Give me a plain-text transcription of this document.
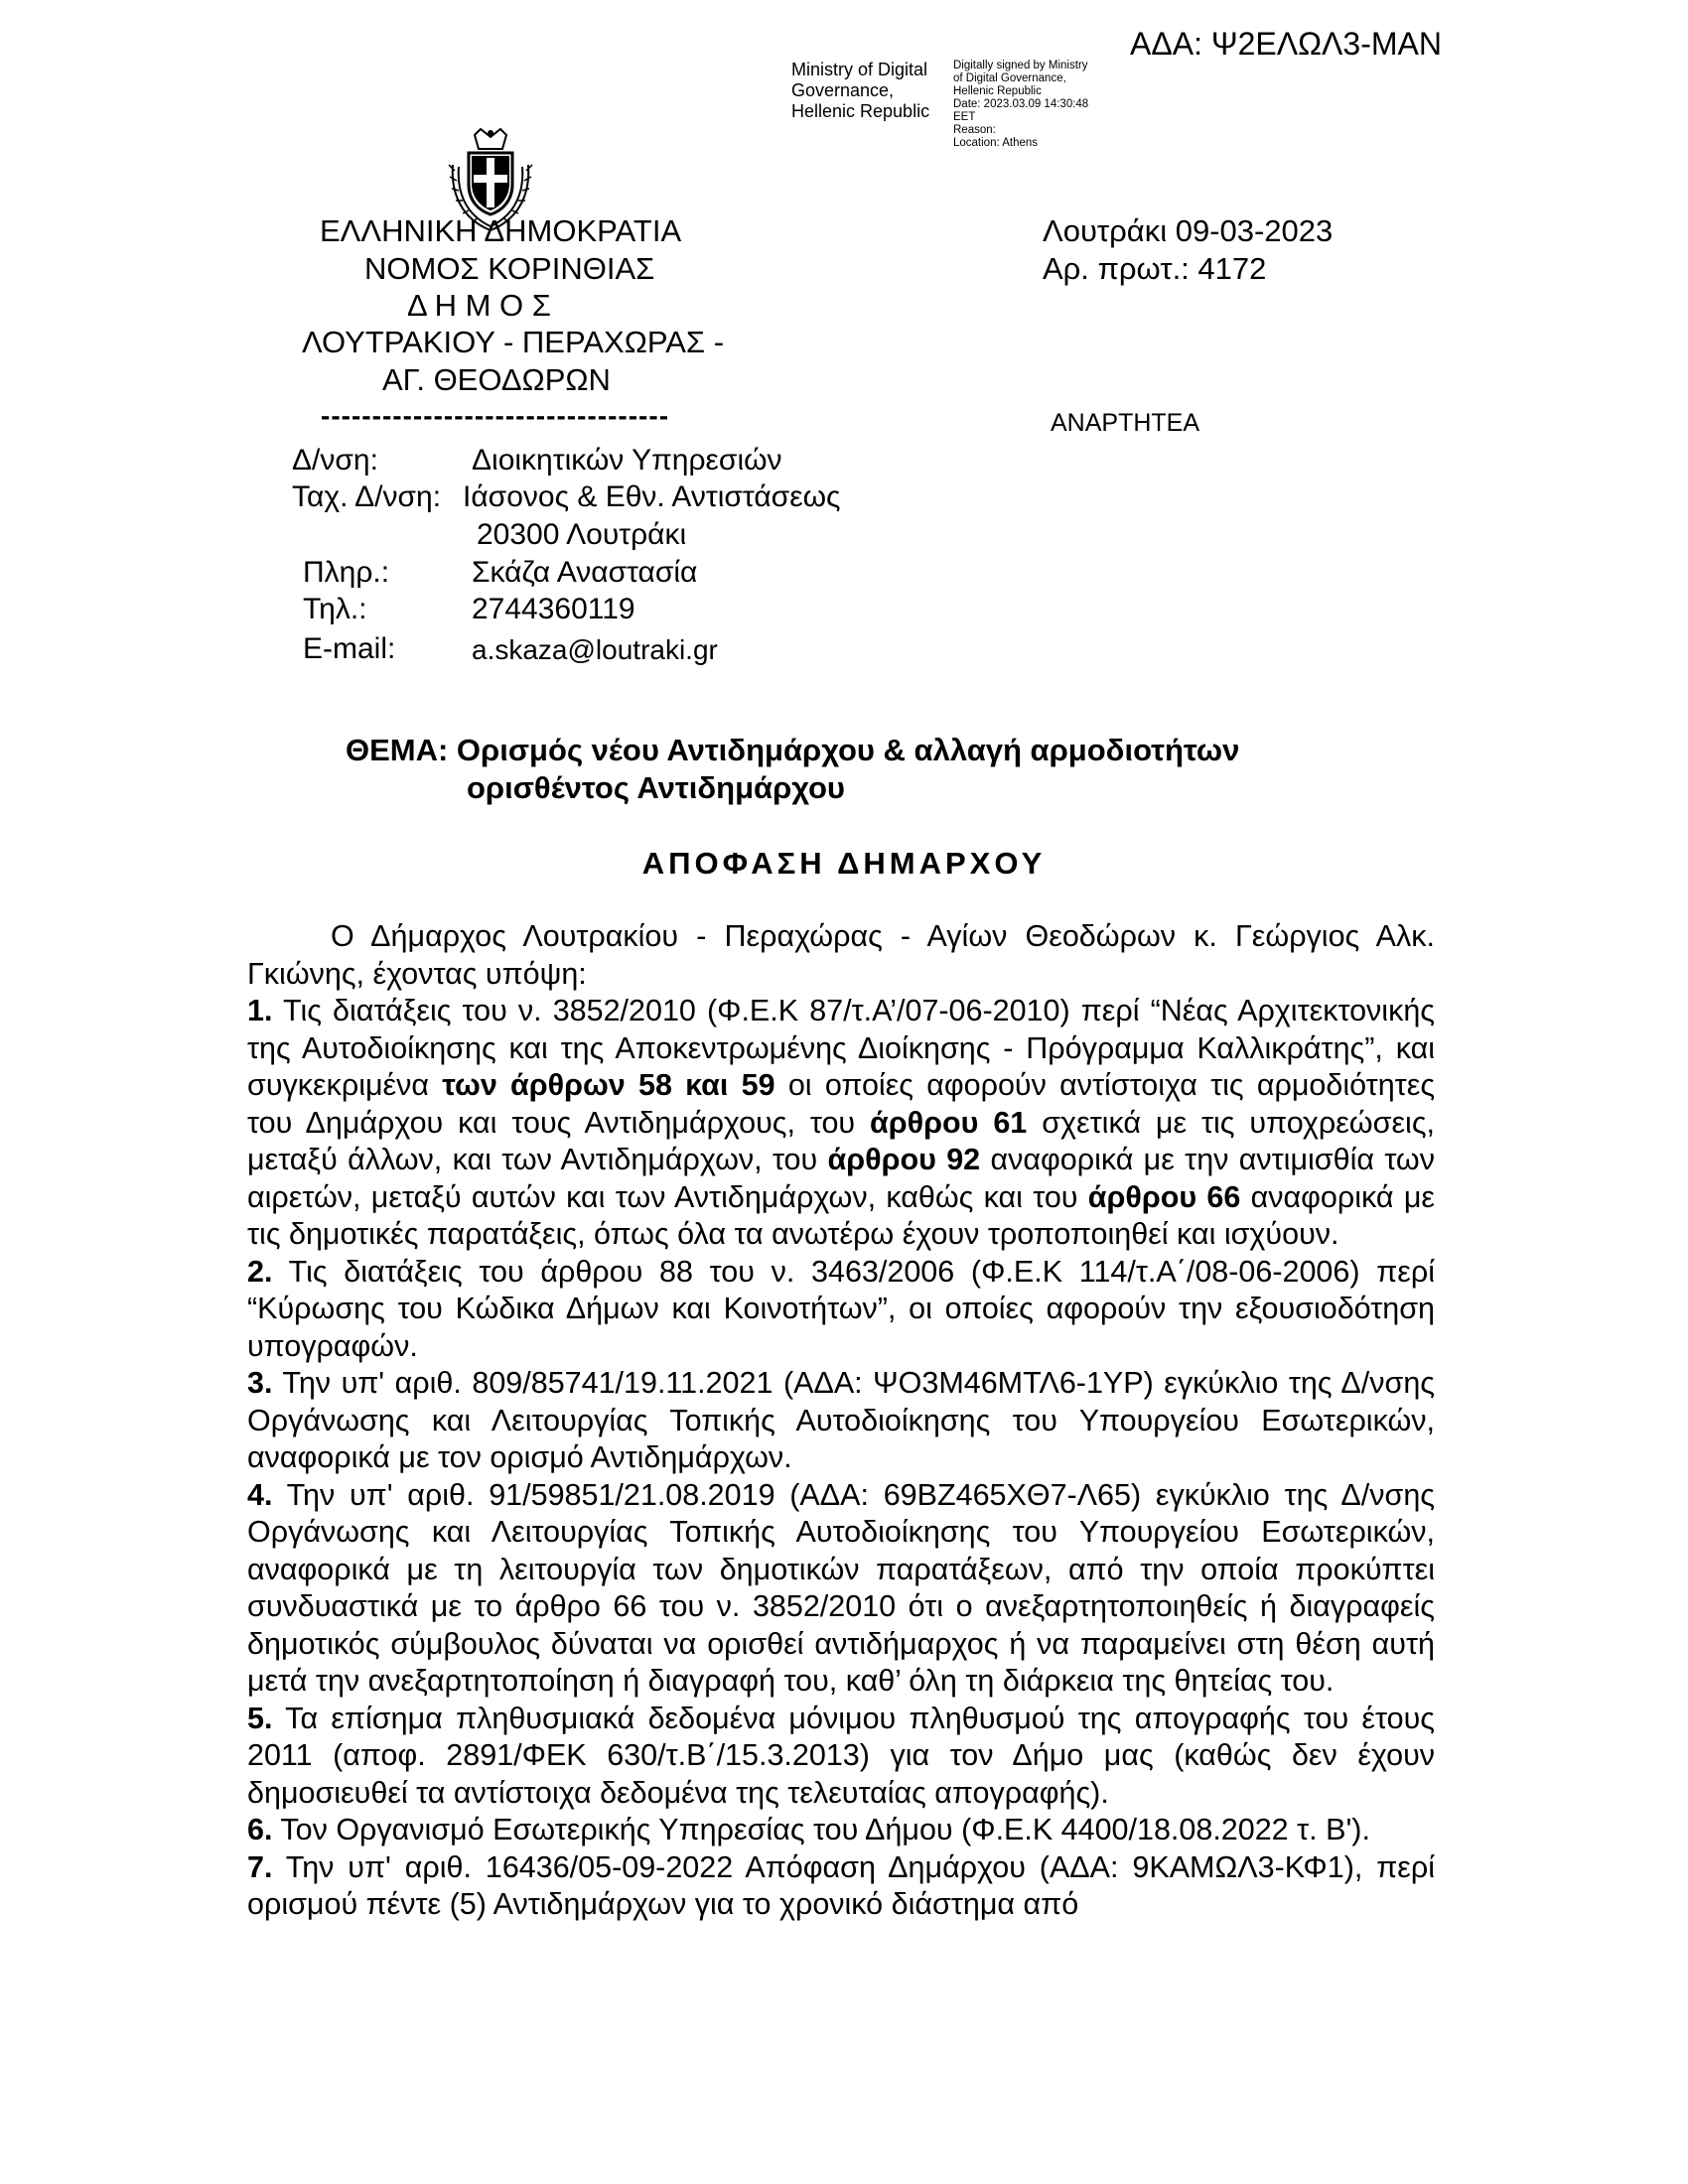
ΑΔΑ: Ψ2ΕΛΩΛ3-ΜΑΝ
Ministry of Digital
Governance,
Hellenic Republic
Digitally signed by Ministry
of Digital Governance,
Hellenic Republic
Date: 2023.03.09 14:30:48
EET
Reason:
Location: Athens
ΕΛΛΗΝΙΚΗ ΔΗΜΟΚΡΑΤΙΑ
ΝΟΜΟΣ ΚΟΡΙΝΘΙΑΣ
Δ Η Μ Ο Σ
ΛΟΥΤΡΑΚΙΟΥ - ΠΕΡΑΧΩΡΑΣ -
ΑΓ. ΘΕΟΔΩΡΩΝ
----------------------------------
Λουτράκι 09-03-2023
Αρ. πρωτ.: 4172
ΑΝΑΡΤΗΤΕΑ
Δ/νση:	Διοικητικών Υπηρεσιών
Ταχ. Δ/νση: Ιάσονος & Εθν. Αντιστάσεως
20300 Λουτράκι
Πληρ.:	Σκάζα Αναστασία
Τηλ.:	2744360119
E-mail:	a.skaza@loutraki.gr
ΘΕΜΑ: Ορισμός νέου Αντιδημάρχου & αλλαγή αρμοδιοτήτων
ορισθέντος Αντιδημάρχου
ΑΠΟΦΑΣΗ ΔΗΜΑΡΧΟΥ

Ο Δήμαρχος Λουτρακίου - Περαχώρας - Αγίων Θεοδώρων κ. Γεώργιος Αλκ. Γκιώνης, έχοντας υπόψη:

1. Τις διατάξεις του ν. 3852/2010 (Φ.Ε.Κ 87/τ.Α’/07-06-2010) περί “Νέας Αρχιτεκτονικής της Αυτοδιοίκησης και της Αποκεντρωμένης Διοίκησης - Πρόγραμμα Καλλικράτης”, και συγκεκριμένα των άρθρων 58 και 59 οι οποίες αφορούν αντίστοιχα τις αρμοδιότητες του Δημάρχου και τους Αντιδημάρχους, του άρθρου 61 σχετικά με τις υποχρεώσεις, μεταξύ άλλων, και των Αντιδημάρχων, του άρθρου 92 αναφορικά με την αντιμισθία των αιρετών, μεταξύ αυτών και των Αντιδημάρχων, καθώς και του άρθρου 66 αναφορικά με τις δημοτικές παρατάξεις, όπως όλα τα ανωτέρω έχουν τροποποιηθεί και ισχύουν.

2. Τις διατάξεις του άρθρου 88 του ν. 3463/2006 (Φ.Ε.Κ 114/τ.Α΄/08-06-2006) περί “Κύρωσης του Κώδικα Δήμων και Κοινοτήτων”, οι οποίες αφορούν την εξουσιοδότηση υπογραφών.

3. Την υπ' αριθ. 809/85741/19.11.2021 (ΑΔΑ: ΨΟ3Μ46ΜΤΛ6-1ΥΡ) εγκύκλιο της Δ/νσης Οργάνωσης και Λειτουργίας Τοπικής Αυτοδιοίκησης του Υπουργείου Εσωτερικών, αναφορικά με τον ορισμό Αντιδημάρχων.

4. Την υπ' αριθ. 91/59851/21.08.2019 (ΑΔΑ: 69ΒΖ465ΧΘ7-Λ65) εγκύκλιο της Δ/νσης Οργάνωσης και Λειτουργίας Τοπικής Αυτοδιοίκησης του Υπουργείου Εσωτερικών, αναφορικά με τη λειτουργία των δημοτικών παρατάξεων, από την οποία προκύπτει συνδυαστικά με το άρθρο 66 του ν. 3852/2010 ότι ο ανεξαρτητοποιηθείς ή διαγραφείς δημοτικός σύμβουλος δύναται να ορισθεί αντιδήμαρχος ή να παραμείνει στη θέση αυτή μετά την ανεξαρτητοποίηση ή διαγραφή του, καθ’ όλη τη διάρκεια της θητείας του.

5. Τα επίσημα πληθυσμιακά δεδομένα μόνιμου πληθυσμού της απογραφής του έτους 2011 (αποφ. 2891/ΦΕΚ 630/τ.Β΄/15.3.2013) για τον Δήμο μας (καθώς δεν έχουν δημοσιευθεί τα αντίστοιχα δεδομένα της τελευταίας απογραφής).

6. Τον Οργανισμό Εσωτερικής Υπηρεσίας του Δήμου (Φ.Ε.Κ 4400/18.08.2022 τ. Β').

7. Την υπ' αριθ. 16436/05-09-2022 Απόφαση Δημάρχου (ΑΔΑ: 9ΚΑΜΩΛ3-ΚΦ1), περί ορισμού πέντε (5) Αντιδημάρχων για το χρονικό διάστημα από
